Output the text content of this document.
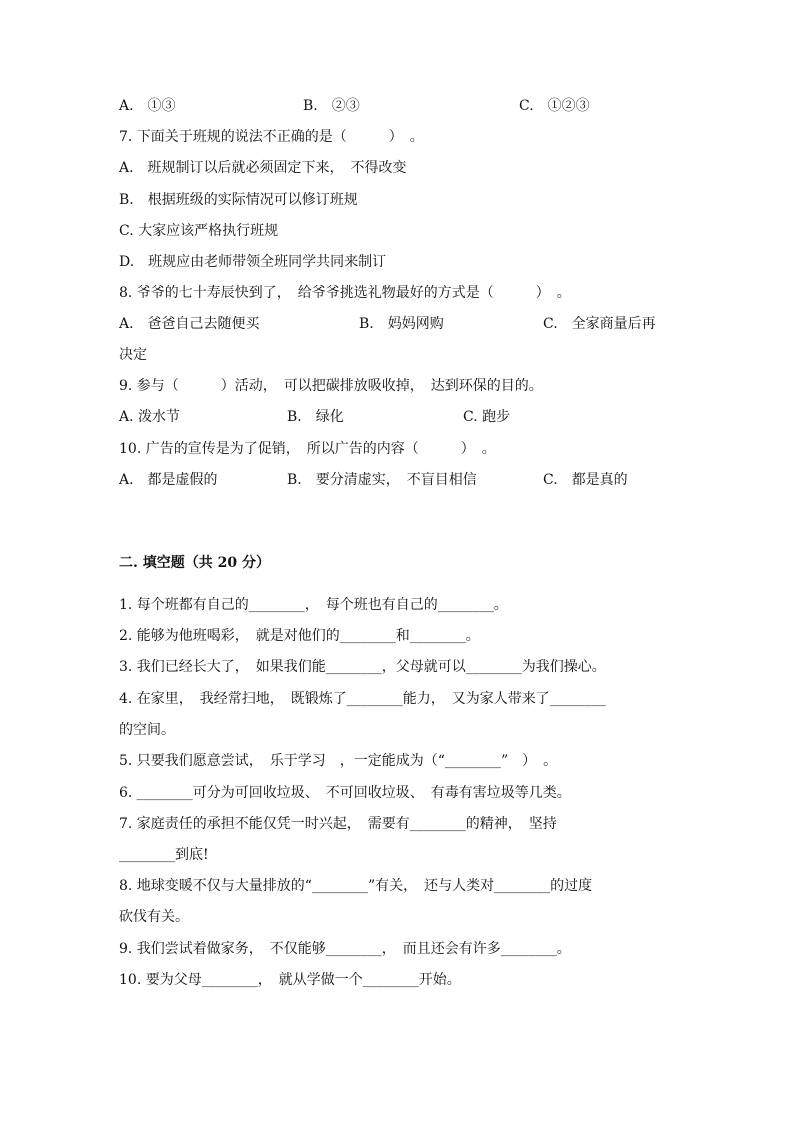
A.　①③

	B.　②③

	C.　①②③

7. 下面关于班规的说法不正确的是（　　　）　。
A.　班规制订以后就必须固定下来，　不得改变
B.　根据班级的实际情况可以修订班规
C. 大家应该严格执行班规
D.　班规应由老师带领全班同学共同来制订
8. 爷爷的七十寿辰快到了，　给爷爷挑选礼物最好的方式是（　　　）　。

A.　爸爸自己去随便买

	B.　妈妈网购

	C.　全家商量后再

决定
9. 参与（　　　）活动，　可以把碳排放吸收掉，　达到环保的目的。

A. 泼水节

	B.　绿化

	C. 跑步

10. 广告的宣传是为了促销，　所以广告的内容（　　　）　。

A.　都是虚假的

	B.　要分清虚实，　不盲目相信

	C.　都是真的

二. 填空题（共 20 分）
1. 每个班都有自己的________，　每个班也有自己的________。
2. 能够为他班喝彩，　就是对他们的________和________。
3. 我们已经长大了，　如果我们能________，父母就可以________为我们操心。
4. 在家里，　我经常扫地，　既锻炼了________能力，　又为家人带来了________
的空间。
5. 只要我们愿意尝试，　乐于学习　，一定能成为（“________”　）　。
6. ________可分为可回收垃圾、　不可回收垃圾、　有毒有害垃圾等几类。
7. 家庭责任的承担不能仅凭一时兴起，　需要有________的精神，　坚持
________到底!
8. 地球变暖不仅与大量排放的“________”有关，　还与人类对________的过度
砍伐有关。
9. 我们尝试着做家务，　不仅能够________，　而且还会有许多________。
10. 要为父母________，　就从学做一个________开始。
